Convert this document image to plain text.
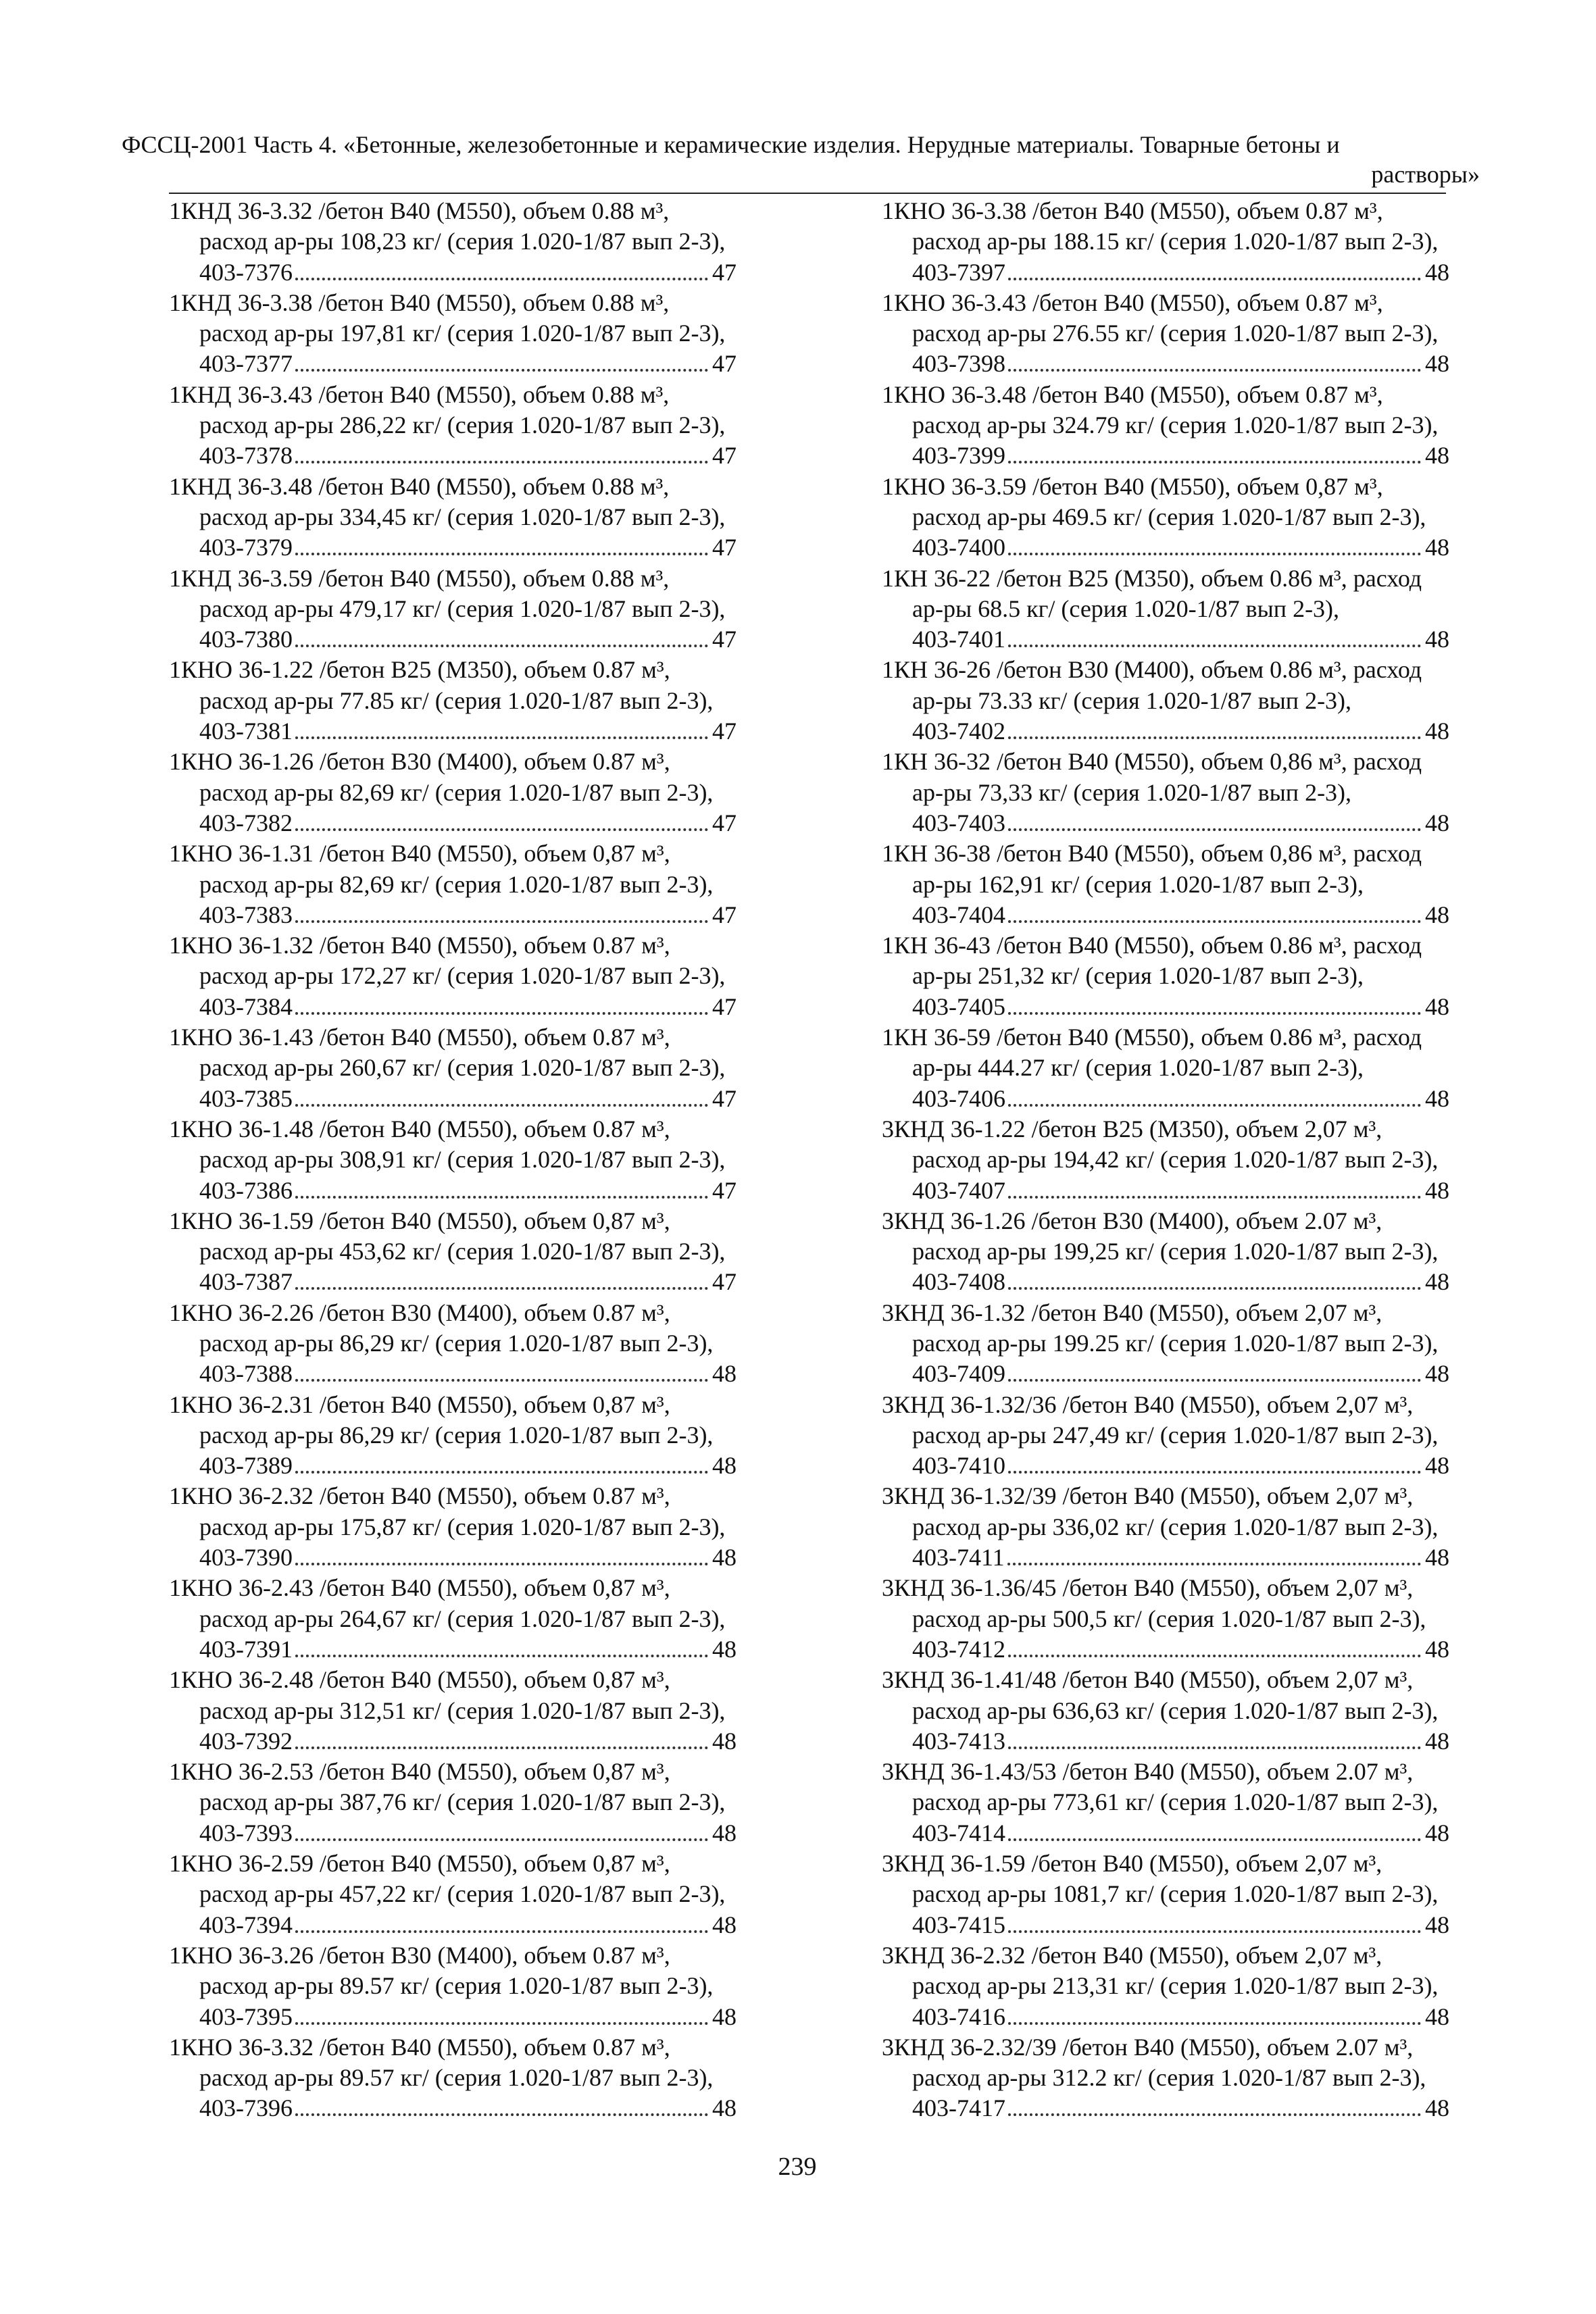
ФССЦ-2001 Часть 4. «Бетонные, железобетонные и керамические изделия. Нерудные материалы. Товарные бетоны и
растворы»
1КНД 36-3.32 /бетон В40 (М550), объем 0.88 м³, расход ар-ры 108,23 кг/ (серия 1.020-1/87 вып 2-3),
403-7376	47
1КНД 36-3.38 /бетон В40 (М550), объем 0.88 м³, расход ар-ры 197,81 кг/ (серия 1.020-1/87 вып 2-3),
403-7377	47
1КНД 36-3.43 /бетон В40 (М550), объем 0.88 м³, расход ар-ры 286,22 кг/ (серия 1.020-1/87 вып 2-3),
403-7378	47
1КНД 36-3.48 /бетон В40 (М550), объем 0.88 м³, расход ар-ры 334,45 кг/ (серия 1.020-1/87 вып 2-3),
403-7379	47
1КНД 36-3.59 /бетон В40 (М550), объем 0.88 м³, расход ар-ры 479,17 кг/ (серия 1.020-1/87 вып 2-3),
403-7380	47
1КНО 36-1.22 /бетон В25 (М350), объем 0.87 м³, расход ар-ры 77.85 кг/ (серия 1.020-1/87 вып 2-3),
403-7381	47
1КНО 36-1.26 /бетон В30 (М400), объем 0.87 м³, расход ар-ры 82,69 кг/ (серия 1.020-1/87 вып 2-3),
403-7382	47
1КНО 36-1.31 /бетон В40 (М550), объем 0,87 м³, расход ар-ры 82,69 кг/ (серия 1.020-1/87 вып 2-3),
403-7383	47
1КНО 36-1.32 /бетон В40 (М550), объем 0.87 м³, расход ар-ры 172,27 кг/ (серия 1.020-1/87 вып 2-3),
403-7384	47
1КНО 36-1.43 /бетон В40 (М550), объем 0.87 м³, расход ар-ры 260,67 кг/ (серия 1.020-1/87 вып 2-3),
403-7385	47
1КНО 36-1.48 /бетон В40 (М550), объем 0.87 м³, расход ар-ры 308,91 кг/ (серия 1.020-1/87 вып 2-3),
403-7386	47
1КНО 36-1.59 /бетон В40 (М550), объем 0,87 м³, расход ар-ры 453,62 кг/ (серия 1.020-1/87 вып 2-3),
403-7387	47
1КНО 36-2.26 /бетон В30 (М400), объем 0.87 м³, расход ар-ры 86,29 кг/ (серия 1.020-1/87 вып 2-3),
403-7388	48
1КНО 36-2.31 /бетон В40 (М550), объем 0,87 м³, расход ар-ры 86,29 кг/ (серия 1.020-1/87 вып 2-3),
403-7389	48
1КНО 36-2.32 /бетон В40 (М550), объем 0.87 м³, расход ар-ры 175,87 кг/ (серия 1.020-1/87 вып 2-3),
403-7390	48
1КНО 36-2.43 /бетон В40 (М550), объем 0,87 м³, расход ар-ры 264,67 кг/ (серия 1.020-1/87 вып 2-3),
403-7391	48
1КНО 36-2.48 /бетон В40 (М550), объем 0,87 м³, расход ар-ры 312,51 кг/ (серия 1.020-1/87 вып 2-3),
403-7392	48
1КНО 36-2.53 /бетон В40 (М550), объем 0,87 м³, расход ар-ры 387,76 кг/ (серия 1.020-1/87 вып 2-3),
403-7393	48
1КНО 36-2.59 /бетон В40 (М550), объем 0,87 м³, расход ар-ры 457,22 кг/ (серия 1.020-1/87 вып 2-3),
403-7394	48
1КНО 36-3.26 /бетон В30 (М400), объем 0.87 м³, расход ар-ры 89.57 кг/ (серия 1.020-1/87 вып 2-3),
403-7395	48
1КНО 36-3.32 /бетон В40 (М550), объем 0.87 м³, расход ар-ры 89.57 кг/ (серия 1.020-1/87 вып 2-3),
403-7396	48
1КНО 36-3.38 /бетон В40 (М550), объем 0.87 м³, расход ар-ры 188.15 кг/ (серия 1.020-1/87 вып 2-3),
403-7397	48
1КНО 36-3.43 /бетон В40 (М550), объем 0.87 м³, расход ар-ры 276.55 кг/ (серия 1.020-1/87 вып 2-3),
403-7398	48
1КНО 36-3.48 /бетон В40 (М550), объем 0.87 м³, расход ар-ры 324.79 кг/ (серия 1.020-1/87 вып 2-3),
403-7399	48
1КНО 36-3.59 /бетон В40 (М550), объем 0,87 м³, расход ар-ры 469.5 кг/ (серия 1.020-1/87 вып 2-3),
403-7400	48
1КН 36-22 /бетон В25 (М350), объем 0.86 м³, расход ар-ры 68.5 кг/ (серия 1.020-1/87 вып 2-3),
403-7401	48
1КН 36-26 /бетон В30 (М400), объем 0.86 м³, расход ар-ры 73.33 кг/ (серия 1.020-1/87 вып 2-3),
403-7402	48
1КН 36-32 /бетон В40 (М550), объем 0,86 м³, расход ар-ры 73,33 кг/ (серия 1.020-1/87 вып 2-3),
403-7403	48
1КН 36-38 /бетон В40 (М550), объем 0,86 м³, расход ар-ры 162,91 кг/ (серия 1.020-1/87 вып 2-3),
403-7404	48
1КН 36-43 /бетон В40 (М550), объем 0.86 м³, расход ар-ры 251,32 кг/ (серия 1.020-1/87 вып 2-3),
403-7405	48
1КН 36-59 /бетон В40 (М550), объем 0.86 м³, расход ар-ры 444.27 кг/ (серия 1.020-1/87 вып 2-3),
403-7406	48
3КНД 36-1.22 /бетон В25 (М350), объем 2,07 м³, расход ар-ры 194,42 кг/ (серия 1.020-1/87 вып 2-3),
403-7407	48
3КНД 36-1.26 /бетон В30 (М400), объем 2.07 м³, расход ар-ры 199,25 кг/ (серия 1.020-1/87 вып 2-3),
403-7408	48
3КНД 36-1.32 /бетон В40 (М550), объем 2,07 м³, расход ар-ры 199.25 кг/ (серия 1.020-1/87 вып 2-3),
403-7409	48
3КНД 36-1.32/36 /бетон В40 (М550), объем 2,07 м³, расход ар-ры 247,49 кг/ (серия 1.020-1/87 вып 2-3),
403-7410	48
3КНД 36-1.32/39 /бетон В40 (М550), объем 2,07 м³, расход ар-ры 336,02 кг/ (серия 1.020-1/87 вып 2-3),
403-7411	48
3КНД 36-1.36/45 /бетон В40 (М550), объем 2,07 м³, расход ар-ры 500,5 кг/ (серия 1.020-1/87 вып 2-3),
403-7412	48
3КНД 36-1.41/48 /бетон В40 (М550), объем 2,07 м³, расход ар-ры 636,63 кг/ (серия 1.020-1/87 вып 2-3),
403-7413	48
3КНД 36-1.43/53 /бетон В40 (М550), объем 2.07 м³, расход ар-ры 773,61 кг/ (серия 1.020-1/87 вып 2-3),
403-7414	48
3КНД 36-1.59 /бетон В40 (М550), объем 2,07 м³, расход ар-ры 1081,7 кг/ (серия 1.020-1/87 вып 2-3),
403-7415	48
3КНД 36-2.32 /бетон В40 (М550), объем 2,07 м³, расход ар-ры 213,31 кг/ (серия 1.020-1/87 вып 2-3),
403-7416	48
3КНД 36-2.32/39 /бетон В40 (М550), объем 2.07 м³, расход ар-ры 312.2 кг/ (серия 1.020-1/87 вып 2-3),
403-7417	48
239
